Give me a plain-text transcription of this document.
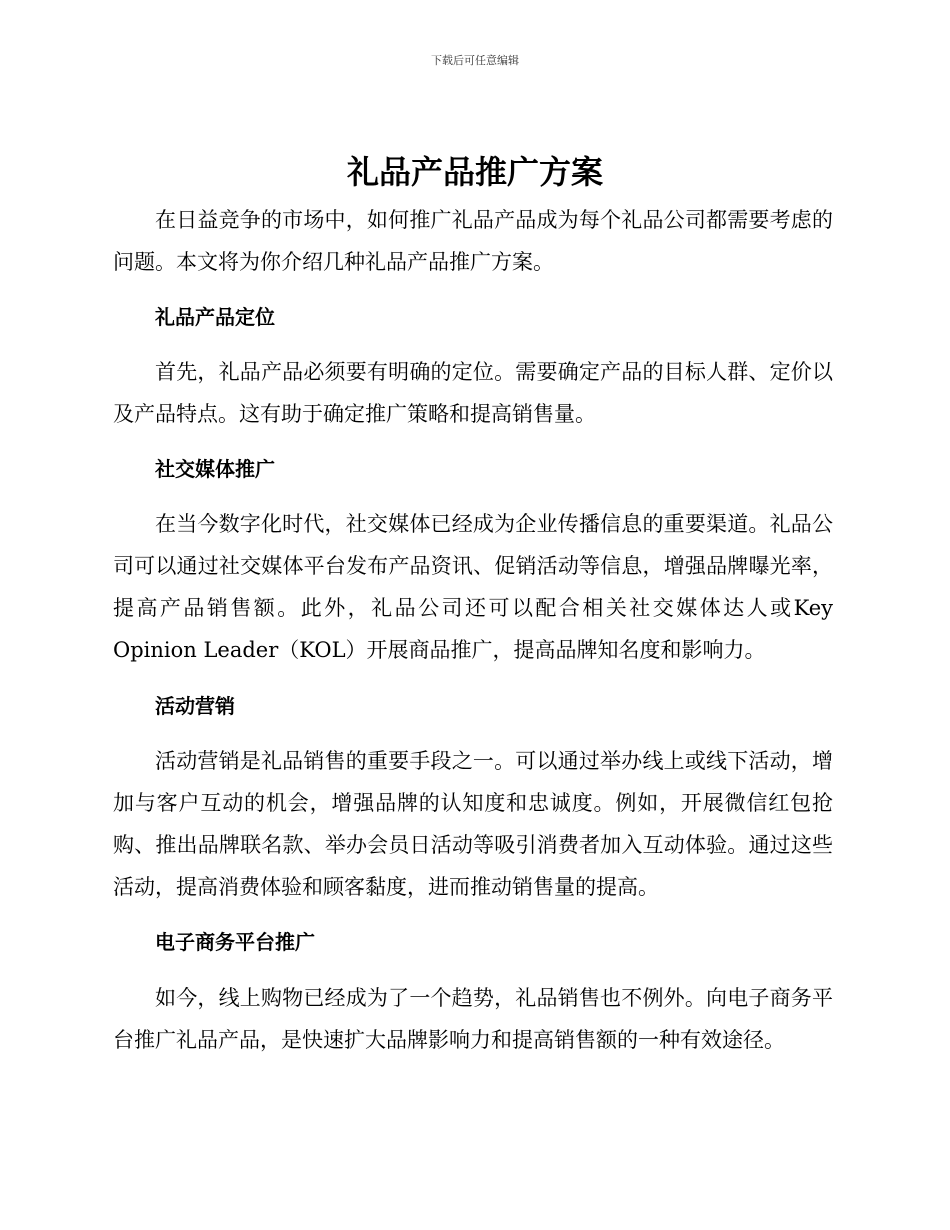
下载后可任意编辑
礼品产品推广方案

在日益竞争的市场中，如何推广礼品产品成为每个礼品公司都需要考虑的问题。本文将为你介绍几种礼品产品推广方案。

礼品产品定位

首先，礼品产品必须要有明确的定位。需要确定产品的目标人群、定价以及产品特点。这有助于确定推广策略和提高销售量。

社交媒体推广

在当今数字化时代，社交媒体已经成为企业传播信息的重要渠道。礼品公司可以通过社交媒体平台发布产品资讯、促销活动等信息，增强品牌曝光率，提高产品销售额。此外，礼品公司还可以配合相关社交媒体达人或Key Opinion Leader（KOL）开展商品推广，提高品牌知名度和影响力。

活动营销

活动营销是礼品销售的重要手段之一。可以通过举办线上或线下活动，增加与客户互动的机会，增强品牌的认知度和忠诚度。例如，开展微信红包抢购、推出品牌联名款、举办会员日活动等吸引消费者加入互动体验。通过这些活动，提高消费体验和顾客黏度，进而推动销售量的提高。

电子商务平台推广

如今，线上购物已经成为了一个趋势，礼品销售也不例外。向电子商务平台推广礼品产品，是快速扩大品牌影响力和提高销售额的一种有效途径。
